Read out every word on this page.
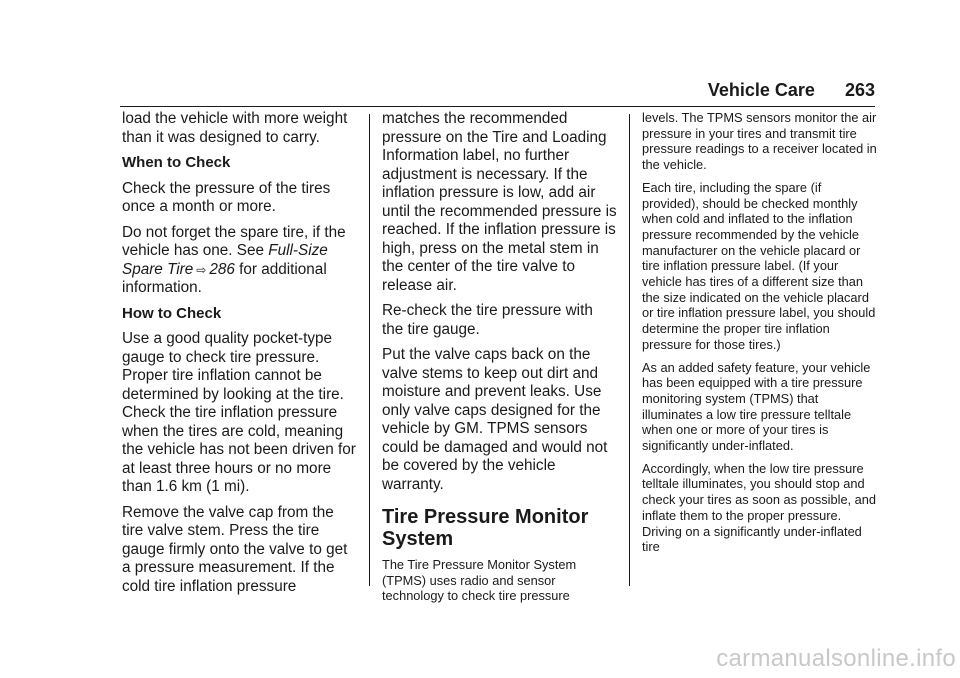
Vehicle Care 263

load the vehicle with more weight than it was designed to carry.

When to Check

Check the pressure of the tires once a month or more.

Do not forget the spare tire, if the vehicle has one. See Full-Size Spare Tire ⇨ 286 for additional information.

How to Check

Use a good quality pocket-type gauge to check tire pressure. Proper tire inflation cannot be determined by looking at the tire. Check the tire inflation pressure when the tires are cold, meaning the vehicle has not been driven for at least three hours or no more than 1.6 km (1 mi).

Remove the valve cap from the tire valve stem. Press the tire gauge firmly onto the valve to get a pressure measurement. If the cold tire inflation pressure

matches the recommended pressure on the Tire and Loading Information label, no further adjustment is necessary. If the inflation pressure is low, add air until the recommended pressure is reached. If the inflation pressure is high, press on the metal stem in the center of the tire valve to release air.

Re-check the tire pressure with the tire gauge.

Put the valve caps back on the valve stems to keep out dirt and moisture and prevent leaks. Use only valve caps designed for the vehicle by GM. TPMS sensors could be damaged and would not be covered by the vehicle warranty.

Tire Pressure Monitor System

The Tire Pressure Monitor System (TPMS) uses radio and sensor technology to check tire pressure

levels. The TPMS sensors monitor the air pressure in your tires and transmit tire pressure readings to a receiver located in the vehicle.

Each tire, including the spare (if provided), should be checked monthly when cold and inflated to the inflation pressure recommended by the vehicle manufacturer on the vehicle placard or tire inflation pressure label. (If your vehicle has tires of a different size than the size indicated on the vehicle placard or tire inflation pressure label, you should determine the proper tire inflation pressure for those tires.)

As an added safety feature, your vehicle has been equipped with a tire pressure monitoring system (TPMS) that illuminates a low tire pressure telltale when one or more of your tires is significantly under-inflated.

Accordingly, when the low tire pressure telltale illuminates, you should stop and check your tires as soon as possible, and inflate them to the proper pressure. Driving on a significantly under-inflated tire

carmanualsonline.info
